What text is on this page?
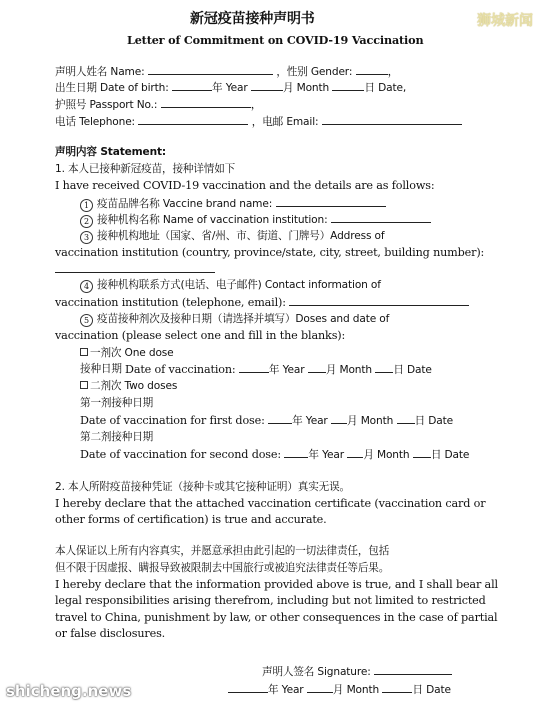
狮城新闻
新冠疫苗接种声明书
Letter of Commitment on COVID-19 Vaccination
声明人姓名 Name:	，性别 Gender:	，
出生日期 Date of birth:	年 Year	月 Month	日 Date,
护照号 Passport No.:	，
电话 Telephone:	，电邮 Email:
声明内容 Statement:
1. 本人已接种新冠疫苗，接种详情如下
I have received COVID-19 vaccination and the details are as follows:
1 疫苗品牌名称 Vaccine brand name:
2 接种机构名称 Name of vaccination institution:
3 接种机构地址（国家、省/州、市、街道、门牌号）Address of
vaccination institution (country, province/state, city, street, building number):
4 接种机构联系方式(电话、电子邮件) Contact information of
vaccination institution (telephone, email):
5 疫苗接种剂次及接种日期（请选择并填写）Doses and date of
vaccination (please select one and fill in the blanks):
一剂次 One dose
接种日期 Date of vaccination:	年 Year 月 Month 日 Date
二剂次 Two doses
第一剂接种日期
Date of vaccination for first dose:	年 Year 月 Month 日 Date
第二剂接种日期
Date of vaccination for second dose:	年 Year 月 Month 日 Date
2. 本人所附疫苗接种凭证（接种卡或其它接种证明）真实无误。
I hereby declare that the attached vaccination certificate (vaccination card or
other forms of certification) is true and accurate.
本人保证以上所有内容真实，并愿意承担由此引起的一切法律责任，包括
但不限于因虚报、瞒报导致被限制去中国旅行或被追究法律责任等后果。
I hereby declare that the information provided above is true, and I shall bear all
legal responsibilities arising therefrom, including but not limited to restricted
travel to China, punishment by law, or other consequences in the case of partial
or false disclosures.
声明人签名 Signature:
年 Year	月 Month	日 Date
shicheng.news
